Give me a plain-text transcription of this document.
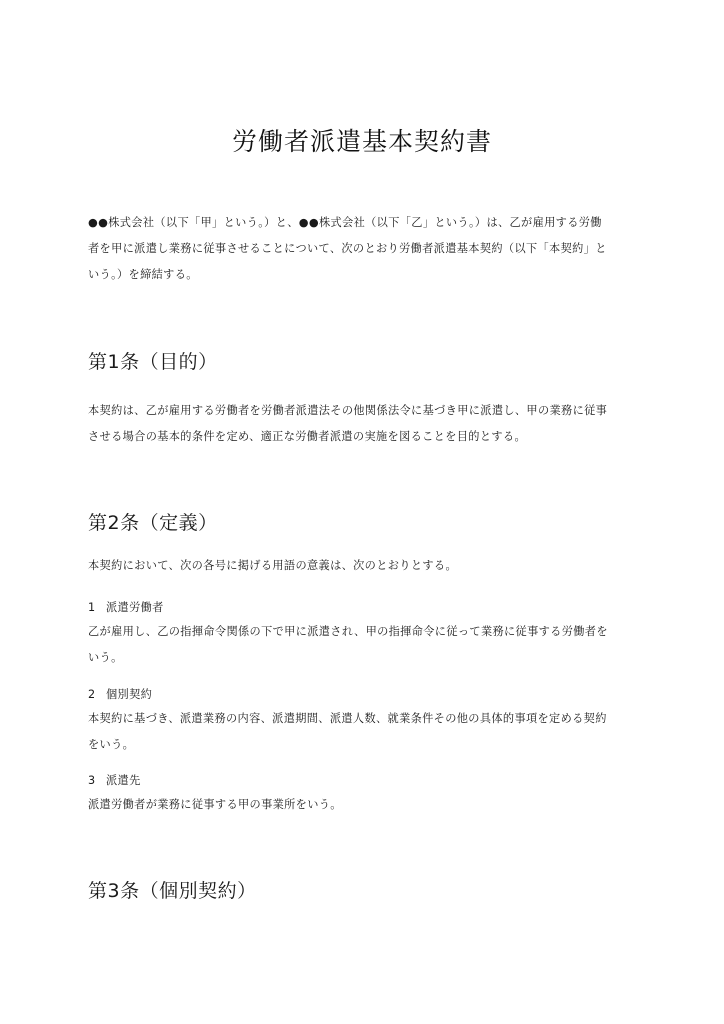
労働者派遣基本契約書

●●株式会社（以下「甲」という。）と、●●株式会社（以下「乙」という。）は、乙が雇用する労働
者を甲に派遣し業務に従事させることについて、次のとおり労働者派遣基本契約（以下「本契約」と
いう。）を締結する。

第1条（目的）

本契約は、乙が雇用する労働者を労働者派遣法その他関係法令に基づき甲に派遣し、甲の業務に従事
させる場合の基本的条件を定め、適正な労働者派遣の実施を図ることを目的とする。

第2条（定義）

本契約において、次の各号に掲げる用語の意義は、次のとおりとする。

1 派遣労働者

乙が雇用し、乙の指揮命令関係の下で甲に派遣され、甲の指揮命令に従って業務に従事する労働者を
いう。

2 個別契約

本契約に基づき、派遣業務の内容、派遣期間、派遣人数、就業条件その他の具体的事項を定める契約
をいう。

3 派遣先

派遣労働者が業務に従事する甲の事業所をいう。

第3条（個別契約）
